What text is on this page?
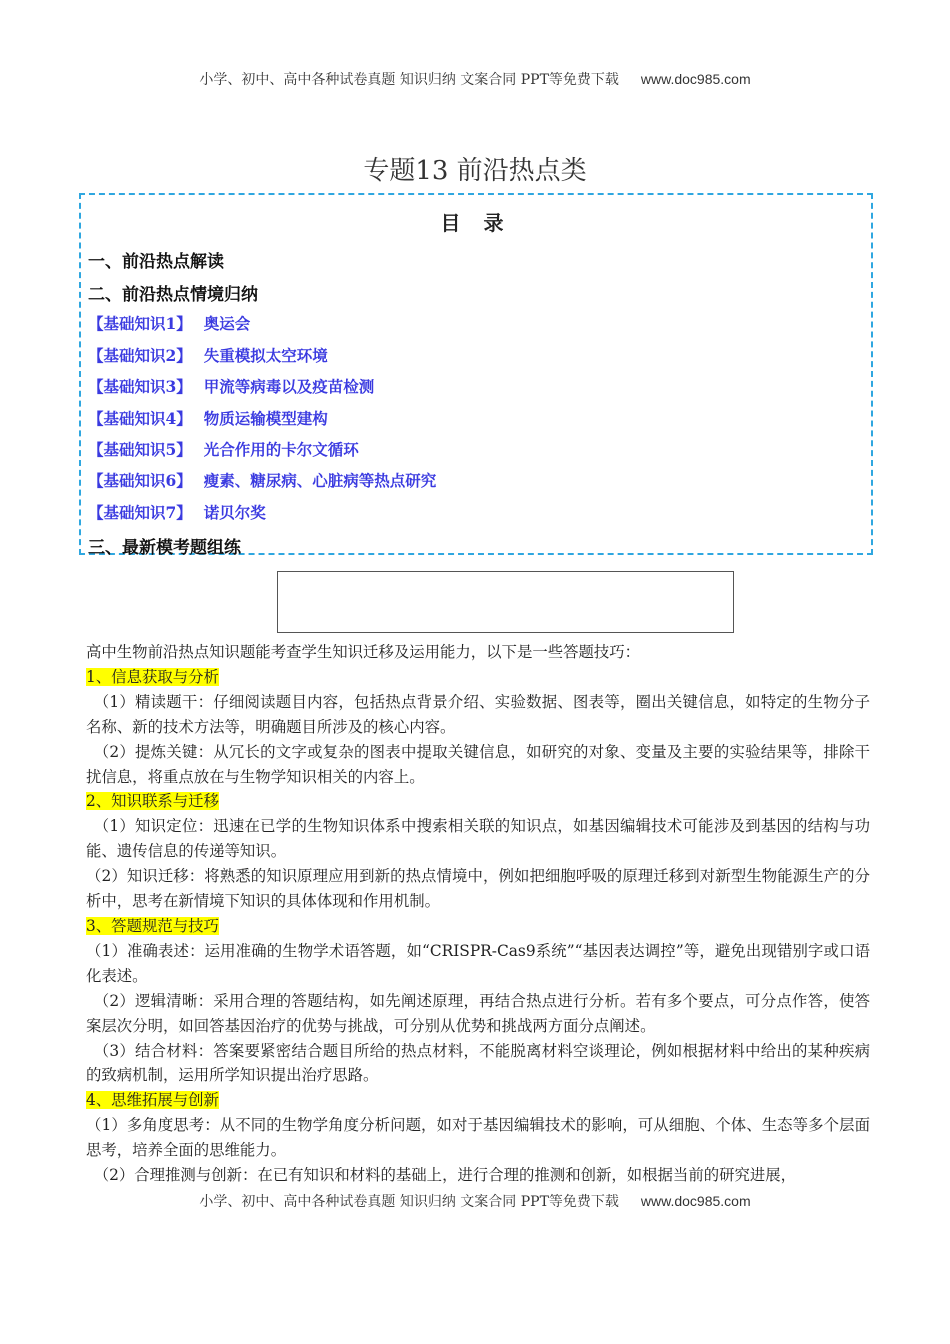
小学、初中、高中各种试卷真题 知识归纳 文案合同 PPT等免费下载 www.doc985.com
专题13 前沿热点类
目 录
一、前沿热点解读
二、前沿热点情境归纳
【基础知识1】 奥运会
【基础知识2】 失重模拟太空环境
【基础知识3】 甲流等病毒以及疫苗检测
【基础知识4】 物质运输模型建构
【基础知识5】 光合作用的卡尔文循环
【基础知识6】 瘦素、糖尿病、心脏病等热点研究
【基础知识7】 诺贝尔奖
三、最新模考题组练

高中生物前沿热点知识题能考查学生知识迁移及运用能力，以下是一些答题技巧：

1、信息获取与分析

（1）精读题干：仔细阅读题目内容，包括热点背景介绍、实验数据、图表等，圈出关键信息，如特定的生物分子名称、新的技术方法等，明确题目所涉及的核心内容。

（2）提炼关键：从冗长的文字或复杂的图表中提取关键信息，如研究的对象、变量及主要的实验结果等，排除干扰信息，将重点放在与生物学知识相关的内容上。

2、知识联系与迁移

（1）知识定位：迅速在已学的生物知识体系中搜索相关联的知识点，如基因编辑技术可能涉及到基因的结构与功能、遗传信息的传递等知识。

（2）知识迁移：将熟悉的知识原理应用到新的热点情境中，例如把细胞呼吸的原理迁移到对新型生物能源生产的分析中，思考在新情境下知识的具体体现和作用机制。

3、答题规范与技巧

（1）准确表述：运用准确的生物学术语答题，如“CRISPR-Cas9系统”“基因表达调控”等，避免出现错别字或口语化表述。

（2）逻辑清晰：采用合理的答题结构，如先阐述原理，再结合热点进行分析。若有多个要点，可分点作答，使答案层次分明，如回答基因治疗的优势与挑战，可分别从优势和挑战两方面分点阐述。

（3）结合材料：答案要紧密结合题目所给的热点材料，不能脱离材料空谈理论，例如根据材料中给出的某种疾病的致病机制，运用所学知识提出治疗思路。

4、思维拓展与创新

（1）多角度思考：从不同的生物学角度分析问题，如对于基因编辑技术的影响，可从细胞、个体、生态等多个层面思考，培养全面的思维能力。

（2）合理推测与创新：在已有知识和材料的基础上，进行合理的推测和创新，如根据当前的研究进展，

小学、初中、高中各种试卷真题 知识归纳 文案合同 PPT等免费下载 www.doc985.com
